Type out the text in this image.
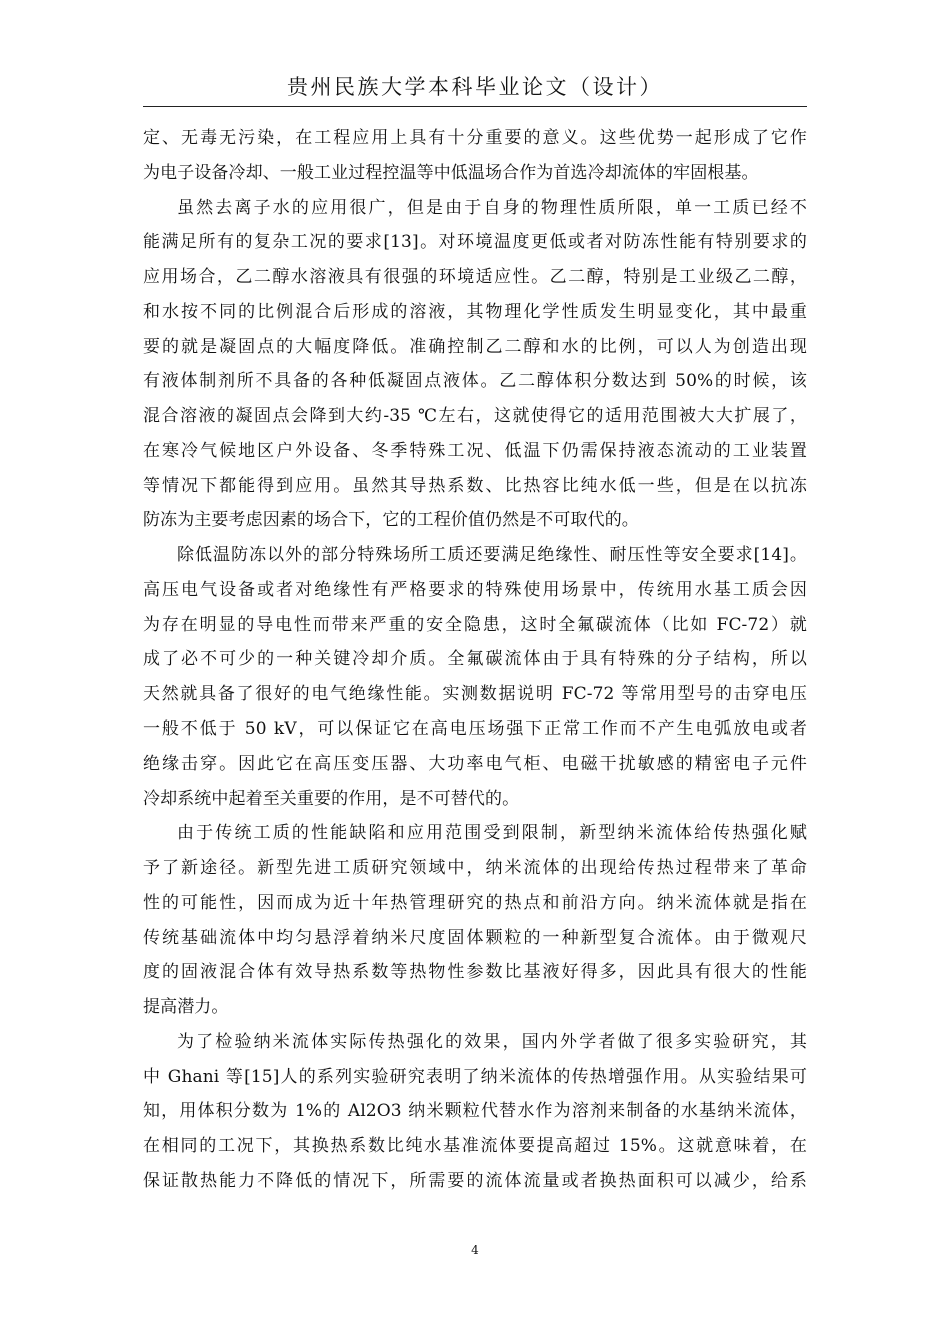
贵州民族大学本科毕业论文（设计）
定、无毒无污染，在工程应用上具有十分重要的意义。这些优势一起形成了它作
为电子设备冷却、一般工业过程控温等中低温场合作为首选冷却流体的牢固根基。
虽然去离子水的应用很广，但是由于自身的物理性质所限，单一工质已经不
能满足所有的复杂工况的要求[13]。对环境温度更低或者对防冻性能有特别要求的
应用场合，乙二醇水溶液具有很强的环境适应性。乙二醇，特别是工业级乙二醇，
和水按不同的比例混合后形成的溶液，其物理化学性质发生明显变化，其中最重
要的就是凝固点的大幅度降低。准确控制乙二醇和水的比例，可以人为创造出现
有液体制剂所不具备的各种低凝固点液体。乙二醇体积分数达到 50%的时候，该
混合溶液的凝固点会降到大约-35 ℃左右，这就使得它的适用范围被大大扩展了，
在寒冷气候地区户外设备、冬季特殊工况、低温下仍需保持液态流动的工业装置
等情况下都能得到应用。虽然其导热系数、比热容比纯水低一些，但是在以抗冻
防冻为主要考虑因素的场合下，它的工程价值仍然是不可取代的。
除低温防冻以外的部分特殊场所工质还要满足绝缘性、耐压性等安全要求[14]。
高压电气设备或者对绝缘性有严格要求的特殊使用场景中，传统用水基工质会因
为存在明显的导电性而带来严重的安全隐患，这时全氟碳流体（比如 FC-72）就
成了必不可少的一种关键冷却介质。全氟碳流体由于具有特殊的分子结构，所以
天然就具备了很好的电气绝缘性能。实测数据说明 FC-72 等常用型号的击穿电压
一般不低于 50 kV，可以保证它在高电压场强下正常工作而不产生电弧放电或者
绝缘击穿。因此它在高压变压器、大功率电气柜、电磁干扰敏感的精密电子元件
冷却系统中起着至关重要的作用，是不可替代的。
由于传统工质的性能缺陷和应用范围受到限制，新型纳米流体给传热强化赋
予了新途径。新型先进工质研究领域中，纳米流体的出现给传热过程带来了革命
性的可能性，因而成为近十年热管理研究的热点和前沿方向。纳米流体就是指在
传统基础流体中均匀悬浮着纳米尺度固体颗粒的一种新型复合流体。由于微观尺
度的固液混合体有效导热系数等热物性参数比基液好得多，因此具有很大的性能
提高潜力。
为了检验纳米流体实际传热强化的效果，国内外学者做了很多实验研究，其
中 Ghani 等[15]人的系列实验研究表明了纳米流体的传热增强作用。从实验结果可
知，用体积分数为 1%的 Al2O3 纳米颗粒代替水作为溶剂来制备的水基纳米流体，
在相同的工况下，其换热系数比纯水基准流体要提高超过 15%。这就意味着，在
保证散热能力不降低的情况下，所需要的流体流量或者换热面积可以减少，给系
4
